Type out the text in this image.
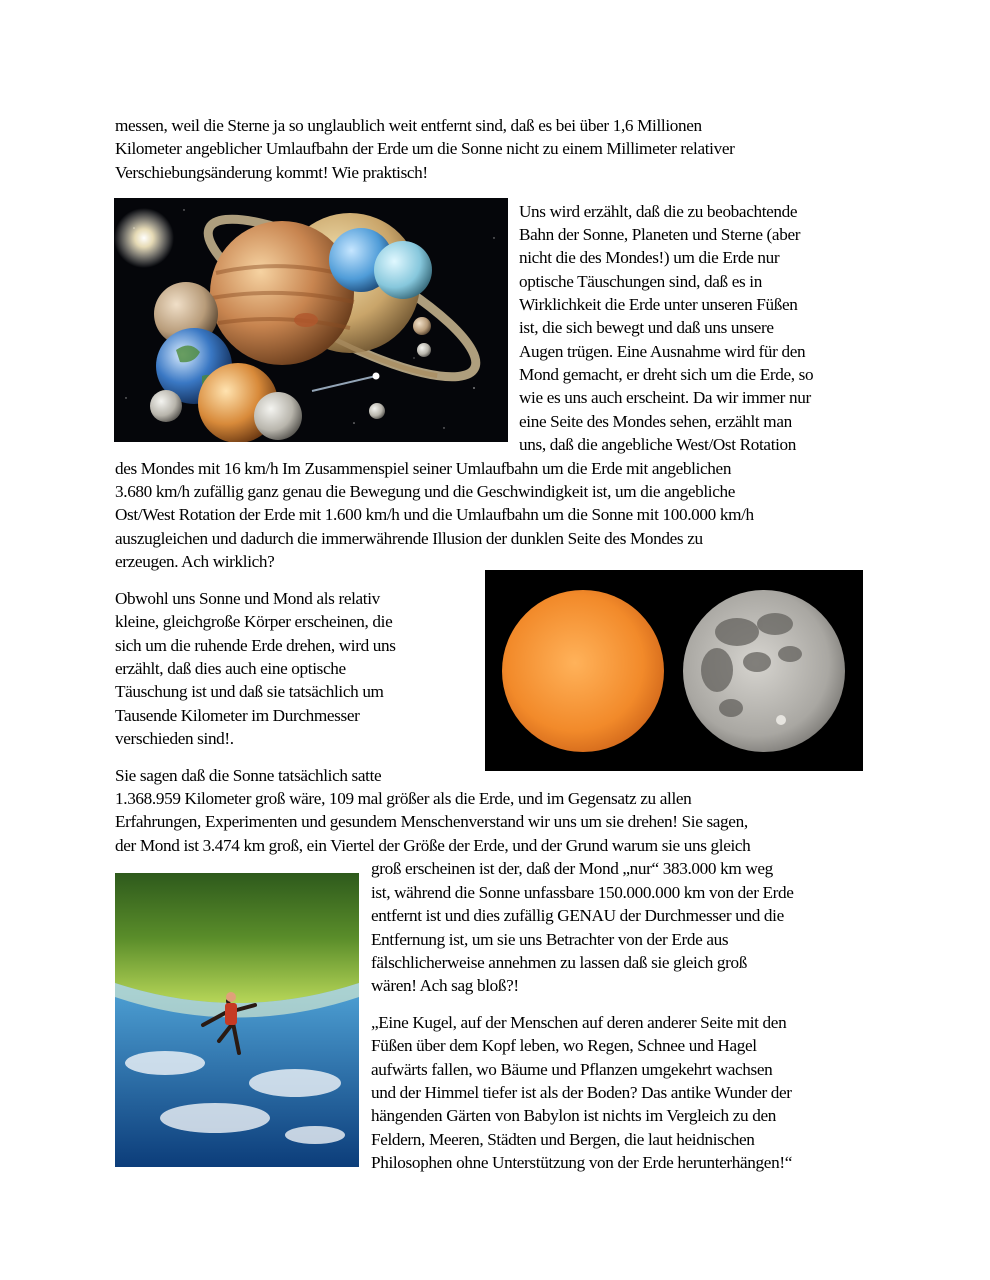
messen, weil die Sterne ja so unglaublich weit entfernt sind, daß es bei über 1,6 Millionen
Kilometer angeblicher Umlaufbahn der Erde um die Sonne nicht zu einem Millimeter relativer
Verschiebungsänderung kommt! Wie praktisch!
Uns wird erzählt, daß die zu beobachtende
Bahn der Sonne, Planeten und Sterne (aber
nicht die des Mondes!) um die Erde nur
optische Täuschungen sind, daß es in
Wirklichkeit die Erde unter unseren Füßen
ist, die sich bewegt und daß uns unsere
Augen trügen. Eine Ausnahme wird für den
Mond gemacht, er dreht sich um die Erde, so
wie es uns auch erscheint. Da wir immer nur
eine Seite des Mondes sehen, erzählt man
uns, daß die angebliche West/Ost Rotation
des Mondes mit 16 km/h Im Zusammenspiel seiner Umlaufbahn um die Erde mit angeblichen
3.680 km/h zufällig ganz genau die Bewegung und die Geschwindigkeit ist, um die angebliche
Ost/West Rotation der Erde mit 1.600 km/h und die Umlaufbahn um die Sonne mit 100.000 km/h
auszugleichen und dadurch die immerwährende Illusion der dunklen Seite des Mondes zu
erzeugen. Ach wirklich?
Obwohl uns Sonne und Mond als relativ
kleine, gleichgroße Körper erscheinen, die
sich um die ruhende Erde drehen, wird uns
erzählt, daß dies auch eine optische
Täuschung ist und daß sie tatsächlich um
Tausende Kilometer im Durchmesser
verschieden sind!.
Sie sagen daß die Sonne tatsächlich satte
1.368.959 Kilometer groß wäre, 109 mal größer als die Erde, und im Gegensatz zu allen
Erfahrungen, Experimenten und gesundem Menschenverstand wir uns um sie drehen! Sie sagen,
der Mond ist 3.474 km groß, ein Viertel der Größe der Erde, und der Grund warum sie uns gleich
groß erscheinen ist der, daß der Mond „nur“ 383.000 km weg
ist, während die Sonne unfassbare 150.000.000 km von der Erde
entfernt ist und dies zufällig GENAU der Durchmesser und die
Entfernung ist, um sie uns Betrachter von der Erde aus
fälschlicherweise annehmen zu lassen daß sie gleich groß
wären! Ach sag bloß?!
„Eine Kugel, auf der Menschen auf deren anderer Seite mit den
Füßen über dem Kopf leben, wo Regen, Schnee und Hagel
aufwärts fallen, wo Bäume und Pflanzen umgekehrt wachsen
und der Himmel tiefer ist als der Boden? Das antike Wunder der
hängenden Gärten von Babylon ist nichts im Vergleich zu den
Feldern, Meeren, Städten und Bergen, die laut heidnischen
Philosophen ohne Unterstützung von der Erde herunterhängen!“
